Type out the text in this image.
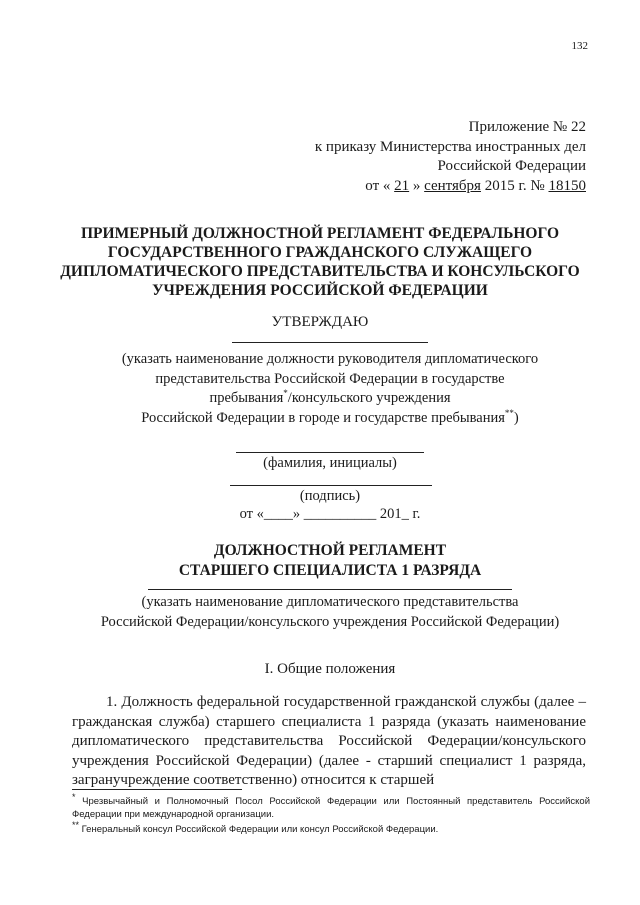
132
Приложение № 22
к приказу Министерства иностранных дел
Российской Федерации
от « 21 » сентября 2015 г. № 18150
ПРИМЕРНЫЙ ДОЛЖНОСТНОЙ РЕГЛАМЕНТ ФЕДЕРАЛЬНОГО
ГОСУДАРСТВЕННОГО ГРАЖДАНСКОГО СЛУЖАЩЕГО
ДИПЛОМАТИЧЕСКОГО ПРЕДСТАВИТЕЛЬСТВА И КОНСУЛЬСКОГО
УЧРЕЖДЕНИЯ РОССИЙСКОЙ ФЕДЕРАЦИИ
УТВЕРЖДАЮ
(указать наименование должности руководителя дипломатического
представительства Российской Федерации в государстве
пребывания*/консульского учреждения
Российской Федерации в городе и государстве пребывания**)
(фамилия, инициалы)
(подпись)
от «____» __________ 201_ г.
ДОЛЖНОСТНОЙ РЕГЛАМЕНТ
СТАРШЕГО СПЕЦИАЛИСТА 1 РАЗРЯДА
(указать наименование дипломатического представительства
Российской Федерации/консульского учреждения Российской Федерации)
I. Общие положения
1. Должность федеральной государственной гражданской службы (далее – гражданская служба) старшего специалиста 1 разряда (указать наименование дипломатического представительства Российской Федерации/консульского учреждения Российской Федерации) (далее - старший специалист 1 разряда, загранучреждение соответственно) относится к старшей

* Чрезвычайный и Полномочный Посол Российской Федерации или Постоянный представитель Российской Федерации при международной организации.

** Генеральный консул Российской Федерации или консул Российской Федерации.
